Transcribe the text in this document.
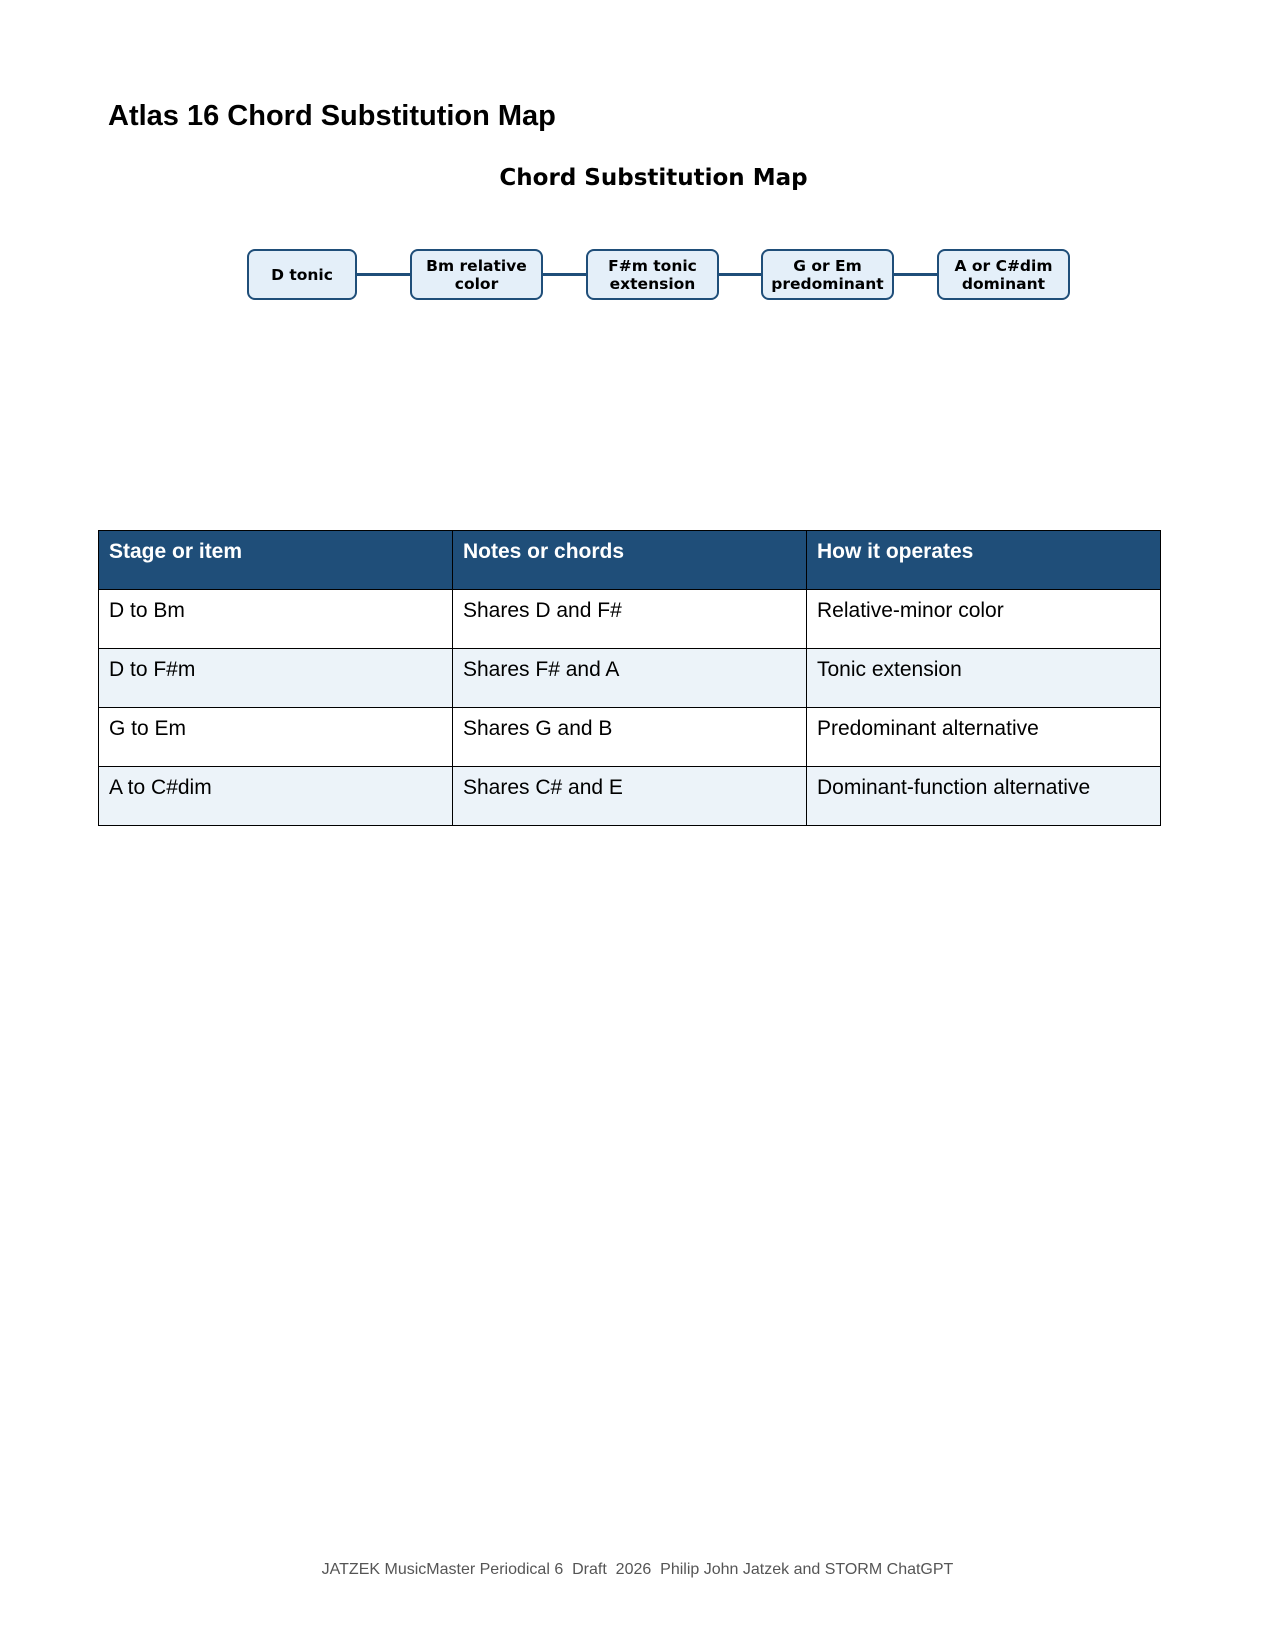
Atlas 16 Chord Substitution Map
Chord Substitution Map
D tonic	Bm relative
color
F#m tonic
extension
G or Em
predominant
A or C#dim
dominant
Stage or item	Notes or chords	How it operates
D to Bm	Shares D and F#	Relative-minor color
D to F#m	Shares F# and A	Tonic extension
G to Em	Shares G and B	Predominant alternative
A to C#dim	Shares C# and E	Dominant-function alternative
JATZEK MusicMaster Periodical 6  Draft  2026  Philip John Jatzek and STORM ChatGPT
